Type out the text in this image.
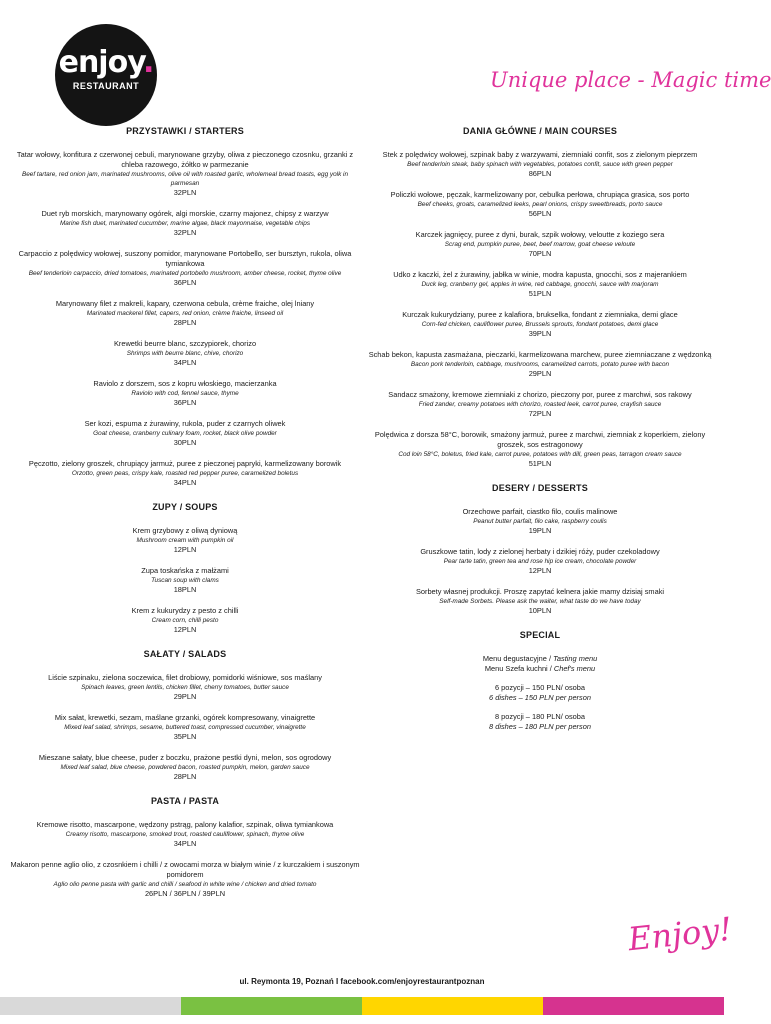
enjoy.
RESTAURANT	Unique place - Magic time
PRZYSTAWKI / STARTERS
Tatar wołowy, konfitura z czerwonej cebuli, marynowane grzyby, oliwa z pieczonego czosnku, grzanki z chleba razowego, żółtko w parmezanie
Beef tartare, red onion jam, marinated mushrooms, olive oil with roasted garlic, wholemeal bread toasts, egg yolk in parmesan
32PLN
Duet ryb morskich, marynowany ogórek, algi morskie, czarny majonez, chipsy z warzyw
Marine fish duet, marinated cucumber, marine algae, black mayonnaise, vegetable chips
32PLN
Carpaccio z polędwicy wołowej, suszony pomidor, marynowane Portobello, ser bursztyn, rukola, oliwa tymiankowa
Beef tenderloin carpaccio, dried tomatoes, marinated portobello mushroom, amber cheese, rocket, thyme olive
36PLN
Marynowany filet z makreli, kapary, czerwona cebula, crème fraiche, olej lniany
Marinated mackerel fillet, capers, red onion, crème fraiche, linseed oil
28PLN
Krewetki beurre blanc, szczypiorek, chorizo
Shrimps with beurre blanc, chive, chorizo
34PLN
Raviolo z dorszem, sos z kopru włoskiego, macierzanka
Raviolo with cod, fennel sauce, thyme
36PLN
Ser kozi, espuma z żurawiny, rukola, puder z czarnych oliwek
Goat cheese, cranberry culinary foam, rocket, black olive powder
30PLN
Pęczotto, zielony groszek, chrupiący jarmuż, puree z pieczonej papryki, karmelizowany borowik
Orzotto, green peas, crispy kale, roasted red pepper puree, caramelized boletus
34PLN
ZUPY / SOUPS
Krem grzybowy z oliwą dyniową
Mushroom cream with pumpkin oil
12PLN
Zupa toskańska z małżami
Tuscan soup with clams
18PLN
Krem z kukurydzy z pesto z chilli
Cream corn, chilli pesto
12PLN
SAŁATY / SALADS
Liście szpinaku, zielona soczewica, filet drobiowy, pomidorki wiśniowe, sos maślany
Spinach leaves, green lentils, chicken fillet, cherry tomatoes, butter sauce
29PLN
Mix sałat, krewetki, sezam, maślane grzanki, ogórek kompresowany, vinaigrette
Mixed leaf salad, shrimps, sesame, buttered toast, compressed cucumber, vinaigrette
35PLN
Mieszane sałaty, blue cheese, puder z boczku, prażone pestki dyni, melon, sos ogrodowy
Mixed leaf salad, blue cheese, powdered bacon, roasted pumpkin, melon, garden sauce
28PLN
PASTA / PASTA
Kremowe risotto, mascarpone, wędzony pstrąg, palony kalafior, szpinak, oliwa tymiankowa
Creamy risotto, mascarpone, smoked trout, roasted cauliflower, spinach, thyme olive
34PLN
Makaron penne aglio olio, z czosnkiem i chilli / z owocami morza w białym winie / z kurczakiem i suszonym pomidorem
Aglio olio penne pasta with garlic and chilli / seafood in white wine / chicken and dried tomato
26PLN / 36PLN / 39PLN
DANIA GŁÓWNE / MAIN COURSES
Stek z polędwicy wołowej, szpinak baby z warzywami, ziemniaki confit, sos z zielonym pieprzem
Beef tenderloin steak, baby spinach with vegetables, potatoes confit, sauce with green pepper
86PLN
Policzki wołowe, pęczak, karmelizowany por, cebulka perłowa, chrupiąca grasica, sos porto
Beef cheeks, groats, caramelized leeks, pearl onions, crispy sweetbreads, porto sauce
56PLN
Karczek jagnięcy, puree z dyni, burak, szpik wołowy, veloutte z koziego sera
Scrag end, pumpkin puree, beet, beef marrow, goat cheese veloute
70PLN
Udko z kaczki, żel z żurawiny, jabłka w winie, modra kapusta, gnocchi, sos z majerankiem
Duck leg, cranberry gel, apples in wine, red cabbage, gnocchi, sauce with marjoram
51PLN
Kurczak kukurydziany, puree z kalafiora, brukselka, fondant z ziemniaka, demi glace
Corn-fed chicken, cauliflower puree, Brussels sprouts, fondant potatoes, demi glace
39PLN
Schab bekon, kapusta zasmażana, pieczarki, karmelizowana marchew, puree ziemniaczane z wędzonką
Bacon pork tenderloin, cabbage, mushrooms, caramelized carrots, potato puree with bacon
29PLN
Sandacz smażony, kremowe ziemniaki z chorizo, pieczony por, puree z marchwi, sos rakowy
Fried zander, creamy potatoes with chorizo, roasted leek, carrot puree, crayfish sauce
72PLN
Polędwica z dorsza 58°C, borowik, smażony jarmuż, puree z marchwi, ziemniak z koperkiem, zielony groszek, sos estragonowy
Cod loin 58°C, boletus, fried kale, carrot puree, potatoes with dill, green peas, tarragon cream sauce
51PLN
DESERY / DESSERTS
Orzechowe parfait, ciastko filo, coulis malinowe
Peanut butter parfait, filo cake, raspberry coulis
19PLN
Gruszkowe tatin, lody z zielonej herbaty i dzikiej róży, puder czekoladowy
Pear tarte tatin, green tea and rose hip ice cream, chocolate powder
12PLN
Sorbety własnej produkcji. Proszę zapytać kelnera jakie mamy dzisiaj smaki
Self-made Sorbets. Please ask the waiter, what taste do we have today
10PLN
SPECIAL
Menu degustacyjne / Tasting menu
Menu Szefa kuchni / Chef's menu
6 pozycji – 150 PLN/ osoba
6 dishes – 150 PLN per person
8 pozycji – 180 PLN/ osoba
8 dishes – 180 PLN per person
Enjoy!
ul. Reymonta 19, Poznań I facebook.com/enjoyrestaurantpoznan
